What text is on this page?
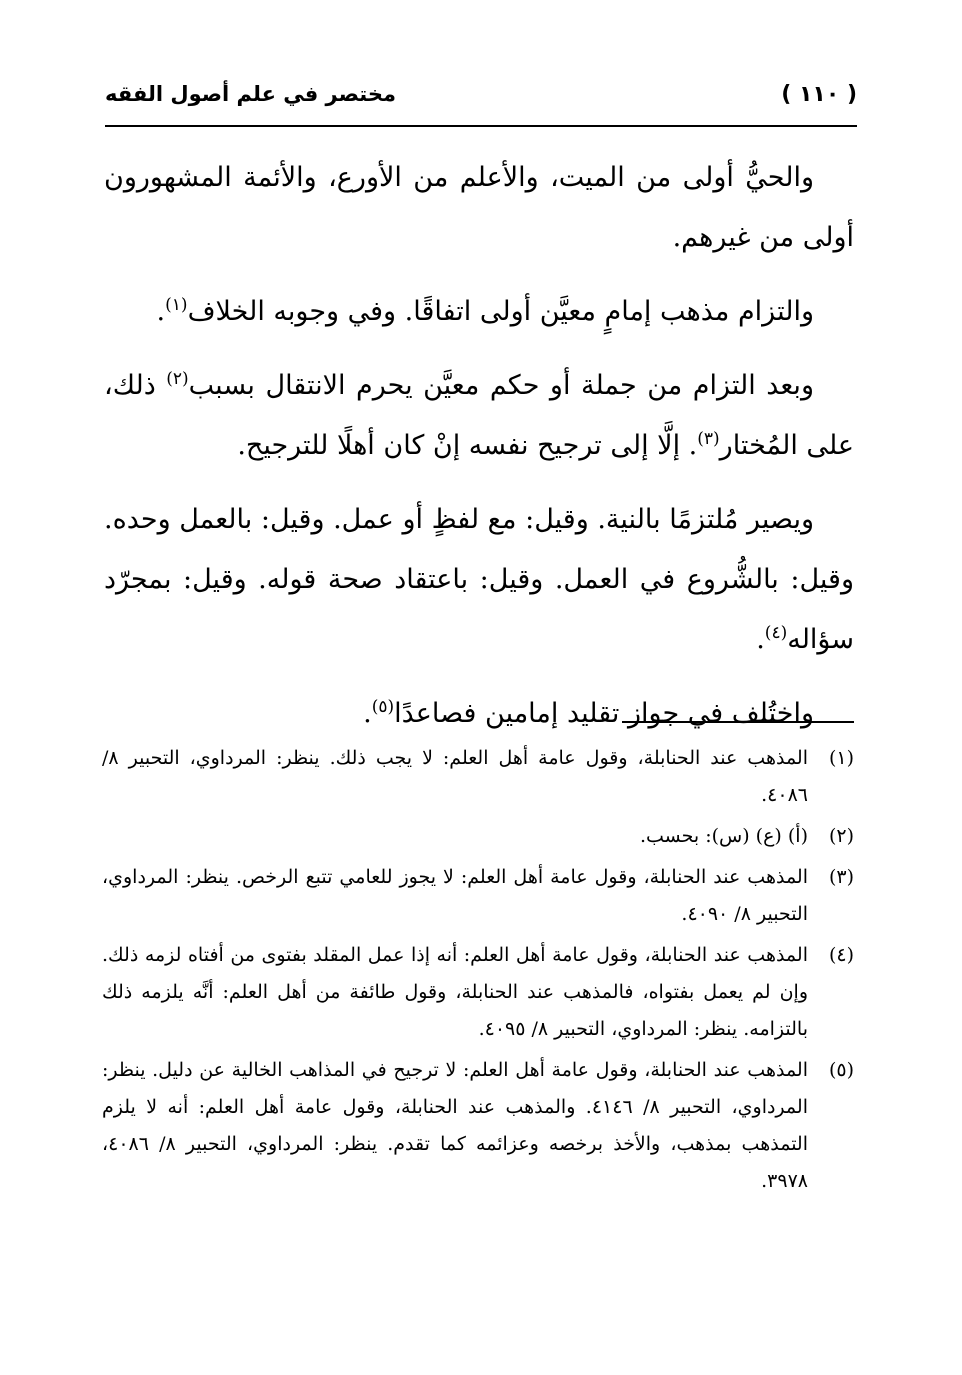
مختصر في علم أصول الفقه	( ١١٠ )

والحيُّ أولى من الميت، والأعلم من الأورع، والأئمة المشهورون أولى من غيرهم.

والتزام مذهب إمامٍ معيَّن أولى اتفاقًا. وفي وجوبه الخلاف$^{(١)}$.

وبعد التزام من جملة أو حكم معيَّن يحرم الانتقال بسبب$^{(٢)}$ ذلك، على المُختار$^{(٣)}$. إلَّا إلى ترجيح نفسه إنْ كان أهلًا للترجيح.

ويصير مُلتزمًا بالنية. وقيل: مع لفظٍ أو عمل. وقيل: بالعمل وحده. وقيل: بالشُّروع في العمل. وقيل: باعتقاد صحة قوله. وقيل: بمجرّد سؤاله$^{(٤)}$.

واختُلف في جواز تقليد إمامين فصاعدًا$^{(٥)}$.

(١)
المذهب عند الحنابلة، وقول عامة أهل العلم: لا يجب ذلك. ينظر: المرداوي، التحبير ٨/ ٤٠٨٦.
(٢)
(أ) (ع) (س): بحسب.
(٣)
المذهب عند الحنابلة، وقول عامة أهل العلم: لا يجوز للعامي تتبع الرخص. ينظر: المرداوي، التحبير ٨/ ٤٠٩٠.
(٤)
المذهب عند الحنابلة، وقول عامة أهل العلم: أنه إذا عمل المقلد بفتوى من أفتاه لزمه ذلك. وإن لم يعمل بفتواه، فالمذهب عند الحنابلة، وقول طائفة من أهل العلم: أنَّه يلزمه ذلك بالتزامه. ينظر: المرداوي، التحبير ٨/ ٤٠٩٥.
(٥)
المذهب عند الحنابلة، وقول عامة أهل العلم: لا ترجيح في المذاهب الخالية عن دليل. ينظر: المرداوي، التحبير ٨/ ٤١٤٦. والمذهب عند الحنابلة، وقول عامة أهل العلم: أنه لا يلزم التمذهب بمذهب، والأخذ برخصه وعزائمه كما تقدم. ينظر: المرداوي، التحبير ٨/ ٤٠٨٦، ٣٩٧٨.
